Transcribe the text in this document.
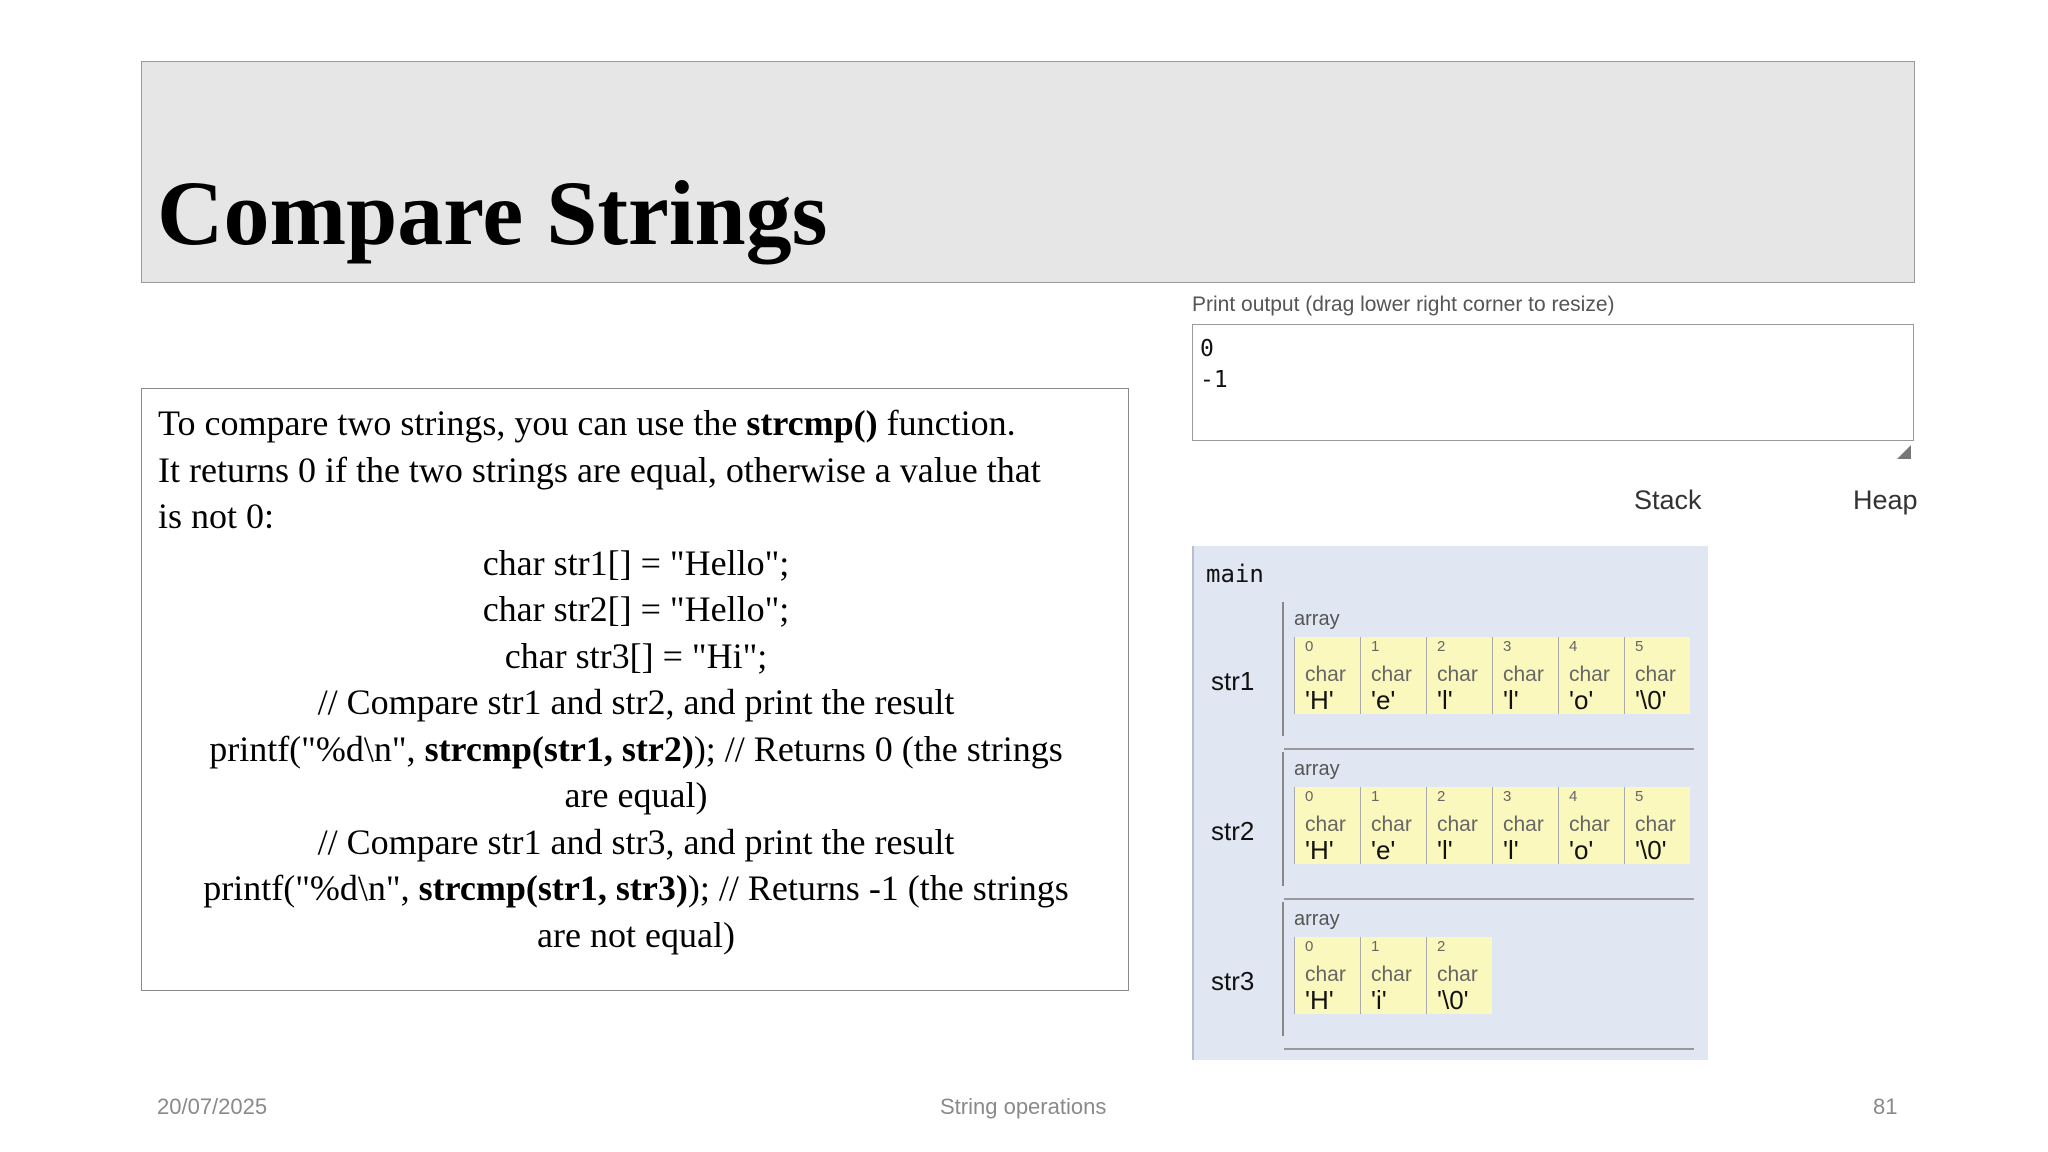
Compare Strings

To compare two strings, you can use the strcmp() function.

It returns 0 if the two strings are equal, otherwise a value that

is not 0:

char str1[] = "Hello";

char str2[] = "Hello";

char str3[] = "Hi";

// Compare str1 and str2, and print the result

printf("%d\n", strcmp(str1, str2)); // Returns 0 (the strings

are equal)

// Compare str1 and str3, and print the result

printf("%d\n", strcmp(str1, str3)); // Returns -1 (the strings

are not equal)

Print output (drag lower right corner to resize)
0
-1
Stack	Heap
main
str1
array
0
char
'H'
1
char
'e'
2
char
'l'
3
char
'l'
4
char
'o'
5
char
'\0'
str2
array
0
char
'H'
1
char
'e'
2
char
'l'
3
char
'l'
4
char
'o'
5
char
'\0'
str3
array
0
char
'H'
1
char
'i'
2
char
'\0'
20/07/2025	String operations	81
